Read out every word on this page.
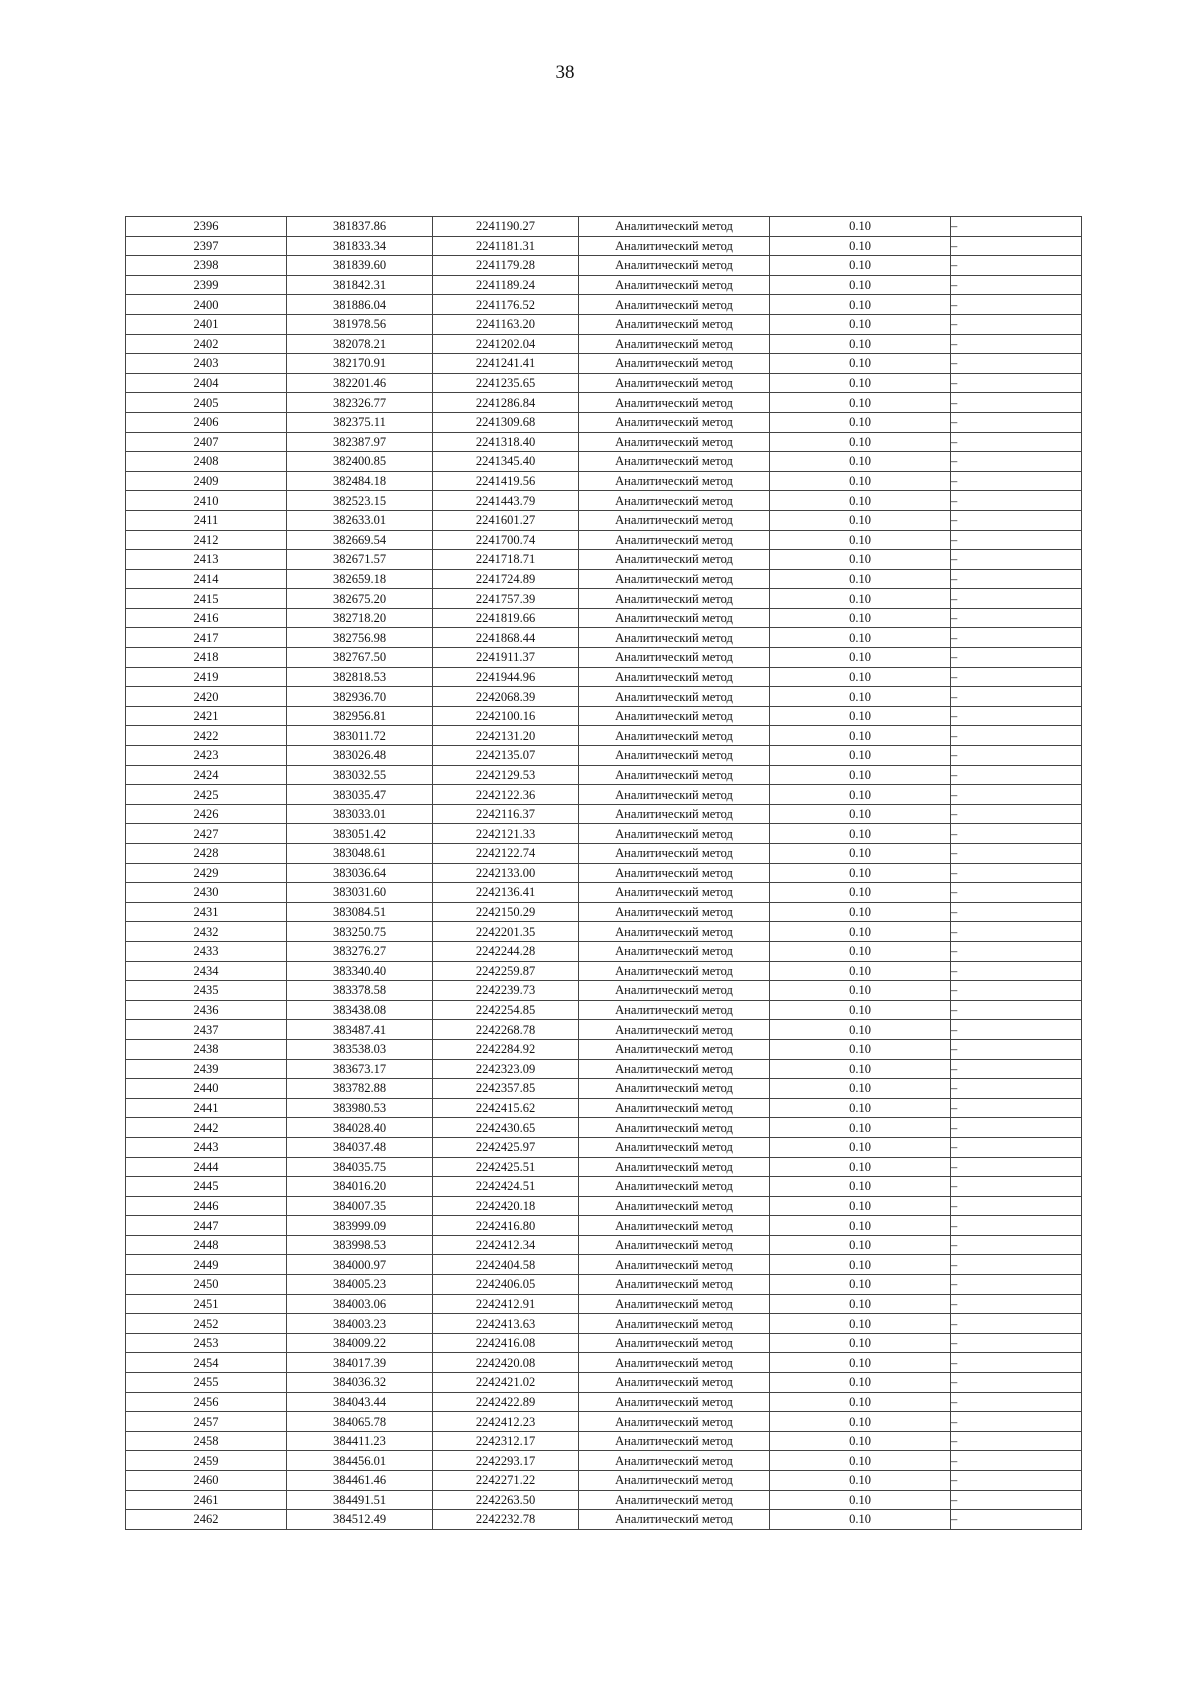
38
2396	381837.86	2241190.27	Аналитический метод	0.10	–
2397	381833.34	2241181.31	Аналитический метод	0.10	–
2398	381839.60	2241179.28	Аналитический метод	0.10	–
2399	381842.31	2241189.24	Аналитический метод	0.10	–
2400	381886.04	2241176.52	Аналитический метод	0.10	–
2401	381978.56	2241163.20	Аналитический метод	0.10	–
2402	382078.21	2241202.04	Аналитический метод	0.10	–
2403	382170.91	2241241.41	Аналитический метод	0.10	–
2404	382201.46	2241235.65	Аналитический метод	0.10	–
2405	382326.77	2241286.84	Аналитический метод	0.10	–
2406	382375.11	2241309.68	Аналитический метод	0.10	–
2407	382387.97	2241318.40	Аналитический метод	0.10	–
2408	382400.85	2241345.40	Аналитический метод	0.10	–
2409	382484.18	2241419.56	Аналитический метод	0.10	–
2410	382523.15	2241443.79	Аналитический метод	0.10	–
2411	382633.01	2241601.27	Аналитический метод	0.10	–
2412	382669.54	2241700.74	Аналитический метод	0.10	–
2413	382671.57	2241718.71	Аналитический метод	0.10	–
2414	382659.18	2241724.89	Аналитический метод	0.10	–
2415	382675.20	2241757.39	Аналитический метод	0.10	–
2416	382718.20	2241819.66	Аналитический метод	0.10	–
2417	382756.98	2241868.44	Аналитический метод	0.10	–
2418	382767.50	2241911.37	Аналитический метод	0.10	–
2419	382818.53	2241944.96	Аналитический метод	0.10	–
2420	382936.70	2242068.39	Аналитический метод	0.10	–
2421	382956.81	2242100.16	Аналитический метод	0.10	–
2422	383011.72	2242131.20	Аналитический метод	0.10	–
2423	383026.48	2242135.07	Аналитический метод	0.10	–
2424	383032.55	2242129.53	Аналитический метод	0.10	–
2425	383035.47	2242122.36	Аналитический метод	0.10	–
2426	383033.01	2242116.37	Аналитический метод	0.10	–
2427	383051.42	2242121.33	Аналитический метод	0.10	–
2428	383048.61	2242122.74	Аналитический метод	0.10	–
2429	383036.64	2242133.00	Аналитический метод	0.10	–
2430	383031.60	2242136.41	Аналитический метод	0.10	–
2431	383084.51	2242150.29	Аналитический метод	0.10	–
2432	383250.75	2242201.35	Аналитический метод	0.10	–
2433	383276.27	2242244.28	Аналитический метод	0.10	–
2434	383340.40	2242259.87	Аналитический метод	0.10	–
2435	383378.58	2242239.73	Аналитический метод	0.10	–
2436	383438.08	2242254.85	Аналитический метод	0.10	–
2437	383487.41	2242268.78	Аналитический метод	0.10	–
2438	383538.03	2242284.92	Аналитический метод	0.10	–
2439	383673.17	2242323.09	Аналитический метод	0.10	–
2440	383782.88	2242357.85	Аналитический метод	0.10	–
2441	383980.53	2242415.62	Аналитический метод	0.10	–
2442	384028.40	2242430.65	Аналитический метод	0.10	–
2443	384037.48	2242425.97	Аналитический метод	0.10	–
2444	384035.75	2242425.51	Аналитический метод	0.10	–
2445	384016.20	2242424.51	Аналитический метод	0.10	–
2446	384007.35	2242420.18	Аналитический метод	0.10	–
2447	383999.09	2242416.80	Аналитический метод	0.10	–
2448	383998.53	2242412.34	Аналитический метод	0.10	–
2449	384000.97	2242404.58	Аналитический метод	0.10	–
2450	384005.23	2242406.05	Аналитический метод	0.10	–
2451	384003.06	2242412.91	Аналитический метод	0.10	–
2452	384003.23	2242413.63	Аналитический метод	0.10	–
2453	384009.22	2242416.08	Аналитический метод	0.10	–
2454	384017.39	2242420.08	Аналитический метод	0.10	–
2455	384036.32	2242421.02	Аналитический метод	0.10	–
2456	384043.44	2242422.89	Аналитический метод	0.10	–
2457	384065.78	2242412.23	Аналитический метод	0.10	–
2458	384411.23	2242312.17	Аналитический метод	0.10	–
2459	384456.01	2242293.17	Аналитический метод	0.10	–
2460	384461.46	2242271.22	Аналитический метод	0.10	–
2461	384491.51	2242263.50	Аналитический метод	0.10	–
2462	384512.49	2242232.78	Аналитический метод	0.10	–
